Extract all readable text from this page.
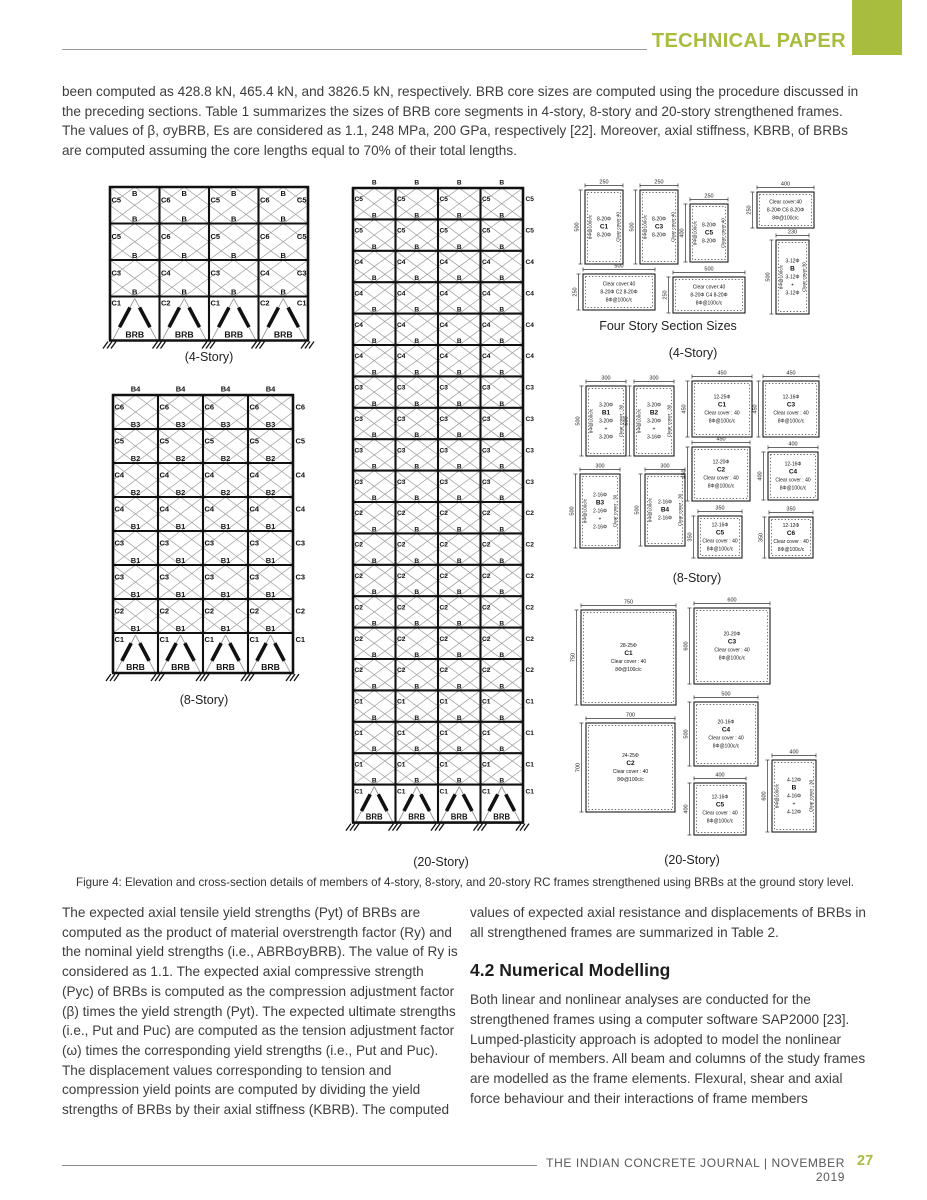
TECHNICAL PAPER

been computed as 428.8 kN, 465.4 kN, and 3826.5 kN, respectively. BRB core sizes are computed using the procedure discussed in the preceding sections. Table 1 summarizes the sizes of BRB core segments in 4-story, 8-story and 20-story strengthened frames. The values of β, σyBRB, Es are considered as 1.1, 248 MPa, 200 GPa, respectively [22]. Moreover, axial stiffness, KBRB, of BRBs are computed assuming the core lengths equal to 70% of their total lengths.

BRB	BRB	BRB	BRB
B	B	B	B
C5	C6	C5	C6	C5
B	B	B	B
C5	C6	C5	C6	C5
B	B	B	B
C3	C4	C3	C4	C3
B	B	B	B
C1	C2	C1	C2	C1
(4-Story)
BRB	BRB	BRB	BRB
B4	B4	B4	B4
C6	C6	C6	C6	C6
B3	B3	B3	B3
C5	C5	C5	C5	C5
B2	B2	B2	B2
C4	C4	C4	C4	C4
B2	B2	B2	B2
C4	C4	C4	C4	C4
B1	B1	B1	B1
C3	C3	C3	C3	C3
B1	B1	B1	B1
C3	C3	C3	C3	C3
B1	B1	B1	B1
C2	C2	C2	C2	C2
B1	B1	B1	B1
C1	C1	C1	C1	C1
(8-Story)
BRB	BRB	BRB	BRB
B	B	B	B
C5	C5	C5	C5	C5
B	B	B	B
C5	C5	C5	C5	C5
B	B	B	B
C4	C4	C4	C4	C4
B	B	B	B
C4	C4	C4	C4	C4
B	B	B	B
C4	C4	C4	C4	C4
B	B	B	B
C4	C4	C4	C4	C4
B	B	B	B
C3	C3	C3	C3	C3
B	B	B	B
C3	C3	C3	C3	C3
B	B	B	B
C3	C3	C3	C3	C3
B	B	B	B
C3	C3	C3	C3	C3
B	B	B	B
C2	C2	C2	C2	C2
B	B	B	B
C2	C2	C2	C2	C2
B	B	B	B
C2	C2	C2	C2	C2
B	B	B	B
C2	C2	C2	C2	C2
B	B	B	B
C2	C2	C2	C2	C2
B	B	B	B
C2	C2	C2	C2	C2
B	B	B	B
C1	C1	C1	C1	C1
B	B	B	B
C1	C1	C1	C1	C1
B	B	B	B
C1	C1	C1	C1	C1
B	B	B	B
C1	C1	C1	C1	C1
(20-Story)
250
500
8-20Φ
C1
8-20Φ
8Φ@100c/c	Clear cover:40
250
500
8-20Φ
C3
8-20Φ
8Φ@100c/c	Clear cover:40
250
400
8-20Φ
C5
8-20Φ
8Φ@100c/c	Clear cover:40
400
250
Clear cover:40
8-20Φ C6 8-20Φ
8Φ@100c/c
230
500
3-12Φ
B
3-12Φ
+
3-12Φ
8Φ@100c/c	Clear cover:30
500
250
Clear cover:40
8-20Φ C2 8-20Φ
8Φ@100c/c
500
250
Clear cover:40
8-20Φ C4 8-20Φ
8Φ@100c/c
Four Story Section Sizes
(4-Story)
300
500
3-20Φ
B1
3-20Φ
+
3-20Φ
8Φ@100c/c	Clear cover : 30
300
500
3-20Φ
B2
3-20Φ
+
3-16Φ
8Φ@100c/c	Clear cover : 30
450
450
12-25Φ
C1
Clear cover : 40
8Φ@100c/c
450
450
12-16Φ
C3
Clear cover : 40
8Φ@100c/c
300
500
2-16Φ
B3
2-16Φ
+
2-16Φ
8Φ@100c/c	Clear cover : 30
300
500
2-16Φ
B4
2-16Φ
8Φ@100c/c	Clear cover : 30
450
450
12-20Φ
C2
Clear cover : 40
8Φ@100c/c
400
400
12-16Φ
C4
Clear cover : 40
8Φ@100c/c
350
350
12-16Φ
C5
Clear cover : 40
8Φ@100c/c
350
350
12-12Φ
C6
Clear cover : 40
8Φ@100c/c
(8-Story)
750
750
28-25Φ
C1
Clear cover : 40
8Φ@100c/c
600
600
20-20Φ
C3
Clear cover : 40
8Φ@100c/c
700
700
24-25Φ
C2
Clear cover : 40
8Φ@100c/c
500
500
20-16Φ
C4
Clear cover : 40
8Φ@100c/c
400
400
12-16Φ
C5
Clear cover : 40
8Φ@100c/c
400
600
4-12Φ
B
4-16Φ
+
4-12Φ
8Φ@100c/c	Clear cover : 30
(20-Story)
Figure 4: Elevation and cross-section details of members of 4-story, 8-story, and 20-story RC frames strengthened using BRBs at the ground story level.

The expected axial tensile yield strengths (Pyt) of BRBs are computed as the product of material overstrength factor (Ry) and the nominal yield strengths (i.e., ABRBσyBRB). The value of Ry is considered as 1.1. The expected axial compressive strength (Pyc) of BRBs is computed as the compression adjustment factor (β) times the yield strength (Pyt). The expected ultimate strengths (i.e., Put and Puc) are computed as the tension adjustment factor (ω) times the corresponding yield strengths (i.e., Put and Puc). The displacement values corresponding to tension and compression yield points are computed by dividing the yield strengths of BRBs by their axial stiffness (KBRB). The computed

values of expected axial resistance and displacements of BRBs in all strengthened frames are summarized in Table 2.

4.2 Numerical Modelling

Both linear and nonlinear analyses are conducted for the strengthened frames using a computer software SAP2000 [23]. Lumped-plasticity approach is adopted to model the nonlinear behaviour of members. All beam and columns of the study frames are modelled as the frame elements. Flexural, shear and axial force behaviour and their interactions of frame members

THE INDIAN CONCRETE JOURNAL | NOVEMBER 2019
27
